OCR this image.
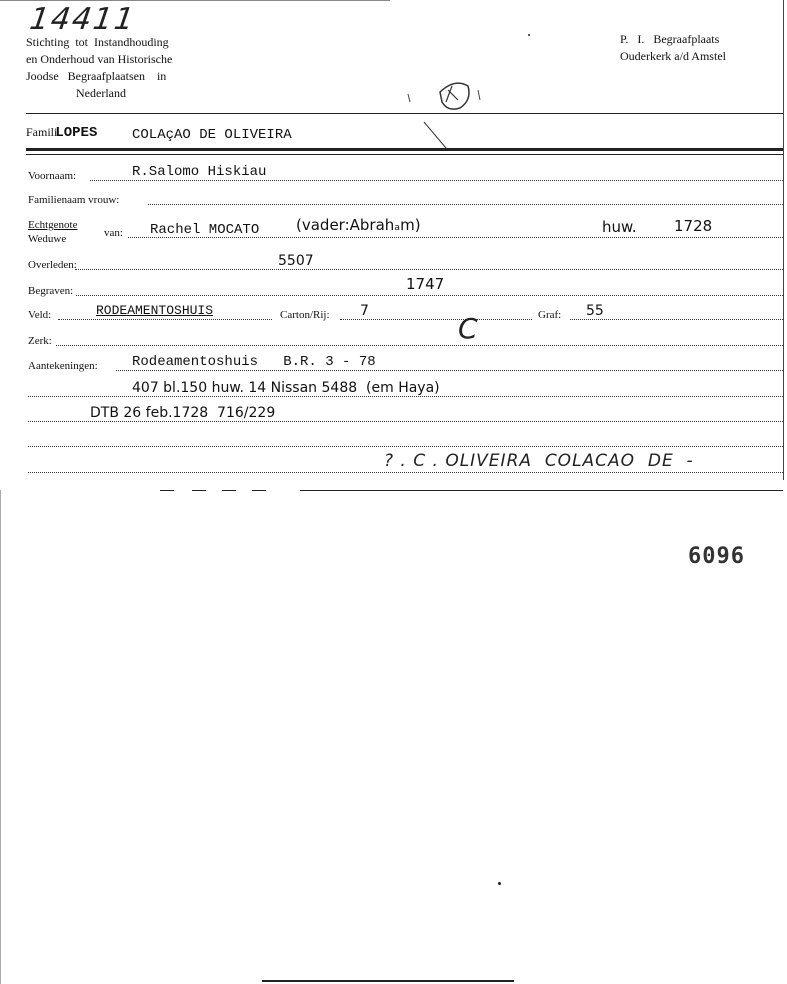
14411
Stichting  tot  Instandhouding
en Onderhoud van Historische
Joodse   Begraafplaatsen    in
Nederland
P.   I.   Begraafplaats
Ouderkerk a/d Amstel
FamiliLOPES COLAçAO DE OLIVEIRA
Voornaam:	R.Salomo Hiskiau
Familienaam vrouw:
Echtgenote
Weduwe	van: Rachel MOCATO (vader:Abrahₐm)	huw. 1728
Overleden:	5507
Begraven:	1747
Veld:	RODEAMENTOSHUIS	Carton/Rij: 7	Graf: 55
Zerk:	C
Aantekeningen: Rodeamentoshuis   B.R. 3 - 78
407 bl.150 huw. 14 Nissan 5488  (em Haya)
DTB 26 feb.1728  716/229
? . C . OLIVEIRA  COLACAO  DE  -
6096
